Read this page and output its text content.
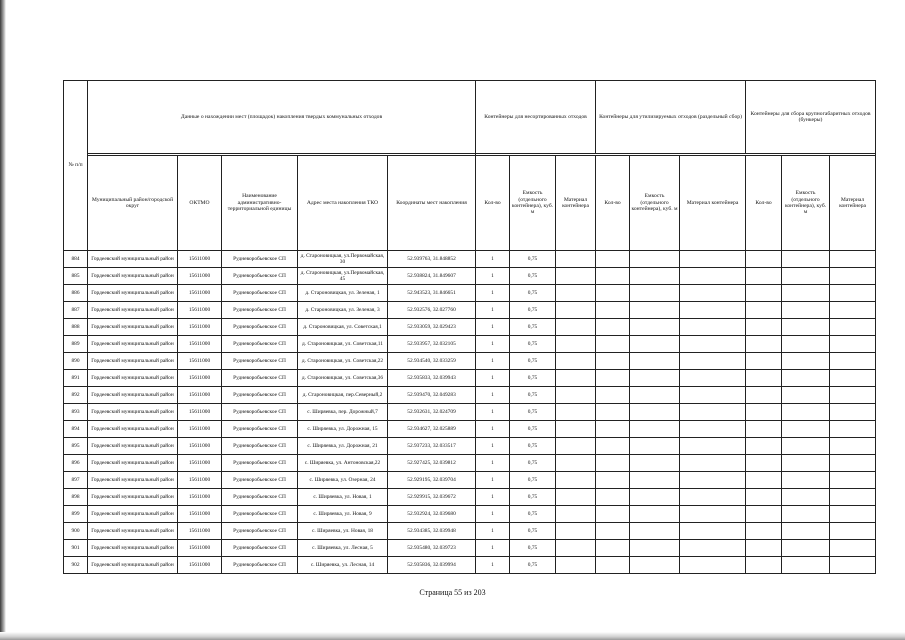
№ п/п	Данные о нахождении мест (площадок) накопления твердых коммунальных отходов					Контейнеры для несортированных отходов			Контейнеры для утилизируемых отходов (раздельный сбор)			Контейнеры для сбора крупногабаритных отходов (бункеры)		

	Муниципальный район/городской округ	ОКТМО	Наименование административно-территориальной единицы	Адрес места накопления ТКО	Координаты мест накопления	Кол-во	Емкость (отдельного контейнера), куб. м	Материал контейнера	Кол-во	Емкость (отдельного контейнера), куб. м	Материал контейнера	Кол-во	Емкость (отдельного контейнера), куб. м	Материал контейнера
884	Гордеевский муниципальный район	15611000	Рудневоробьевское СП	д. Староновицкая, ул.Первомайская, 30	52.939763, 31.848852	1	0,75							
885	Гордеевский муниципальный район	15611000	Рудневоробьевское СП	д. Староновицкая, ул.Первомайская, 45	52.938824, 31.849607	1	0,75							
886	Гордеевский муниципальный район	15611000	Рудневоробьевское СП	д. Староновицкая, ул. Зеленая, 1	52.943523, 31.846651	1	0,75							
887	Гордеевский муниципальный район	15611000	Рудневоробьевское СП	д. Староновицкая, ул. Зеленая, 3	52.932576, 32.027760	1	0,75							
888	Гордеевский муниципальный район	15611000	Рудневоробьевское СП	д. Староновицкая, ул. Советская,1	52.933059, 32.029423	1	0,75							
889	Гордеевский муниципальный район	15611000	Рудневоробьевское СП	д. Староновицкая, ул. Советская,11	52.933957, 32.032105	1	0,75							
890	Гордеевский муниципальный район	15611000	Рудневоробьевское СП	д. Староновицкая, ул. Советская,22	52.934540, 32.033259	1	0,75							
891	Гордеевский муниципальный район	15611000	Рудневоробьевское СП	д. Староновицкая, ул. Советская,36	52.935833, 32.039943	1	0,75							
892	Гордеевский муниципальный район	15611000	Рудневоробьевское СП	д. Староновицкая, пер.Северный,2	52.939470, 32.049283	1	0,75							
893	Гордеевский муниципальный район	15611000	Рудневоробьевское СП	с. Ширяевка, пер. Дорожный,7	52.932631, 32.024709	1	0,75							
894	Гордеевский муниципальный район	15611000	Рудневоробьевское СП	с. Ширяевка, ул. Дорожная, 15	52.934627, 32.025889	1	0,75							
895	Гордеевский муниципальный район	15611000	Рудневоробьевское СП	с. Ширяевка, ул. Дорожная, 21	52.937233, 32.033517	1	0,75							
896	Гордеевский муниципальный район	15611000	Рудневоробьевское СП	с. Ширяевка, ул. Антоновская,22	52.927425, 32.039812	1	0,75							
897	Гордеевский муниципальный район	15611000	Рудневоробьевское СП	с. Ширяевка, ул. Озерная, 24	52.929195, 32.039704	1	0,75							
898	Гордеевский муниципальный район	15611000	Рудневоробьевское СП	с. Ширяевка, ул. Новая, 1	52.929915, 32.039672	1	0,75							
899	Гордеевский муниципальный район	15611000	Рудневоробьевское СП	с. Ширяевка, ул. Новая, 9	52.932924, 32.039680	1	0,75							
900	Гордеевский муниципальный район	15611000	Рудневоробьевское СП	с. Ширяевка, ул. Новая, 18	52.934385, 32.039948	1	0,75							
901	Гордеевский муниципальный район	15611000	Рудневоробьевское СП	с. Ширяевка, ул. Лесная, 5	52.935480, 32.039723	1	0,75							
902	Гордеевский муниципальный район	15611000	Рудневоробьевское СП	с. Ширяевка, ул. Лесная, 14	52.935836, 32.039994	1	0,75							
Страница 55 из 203
